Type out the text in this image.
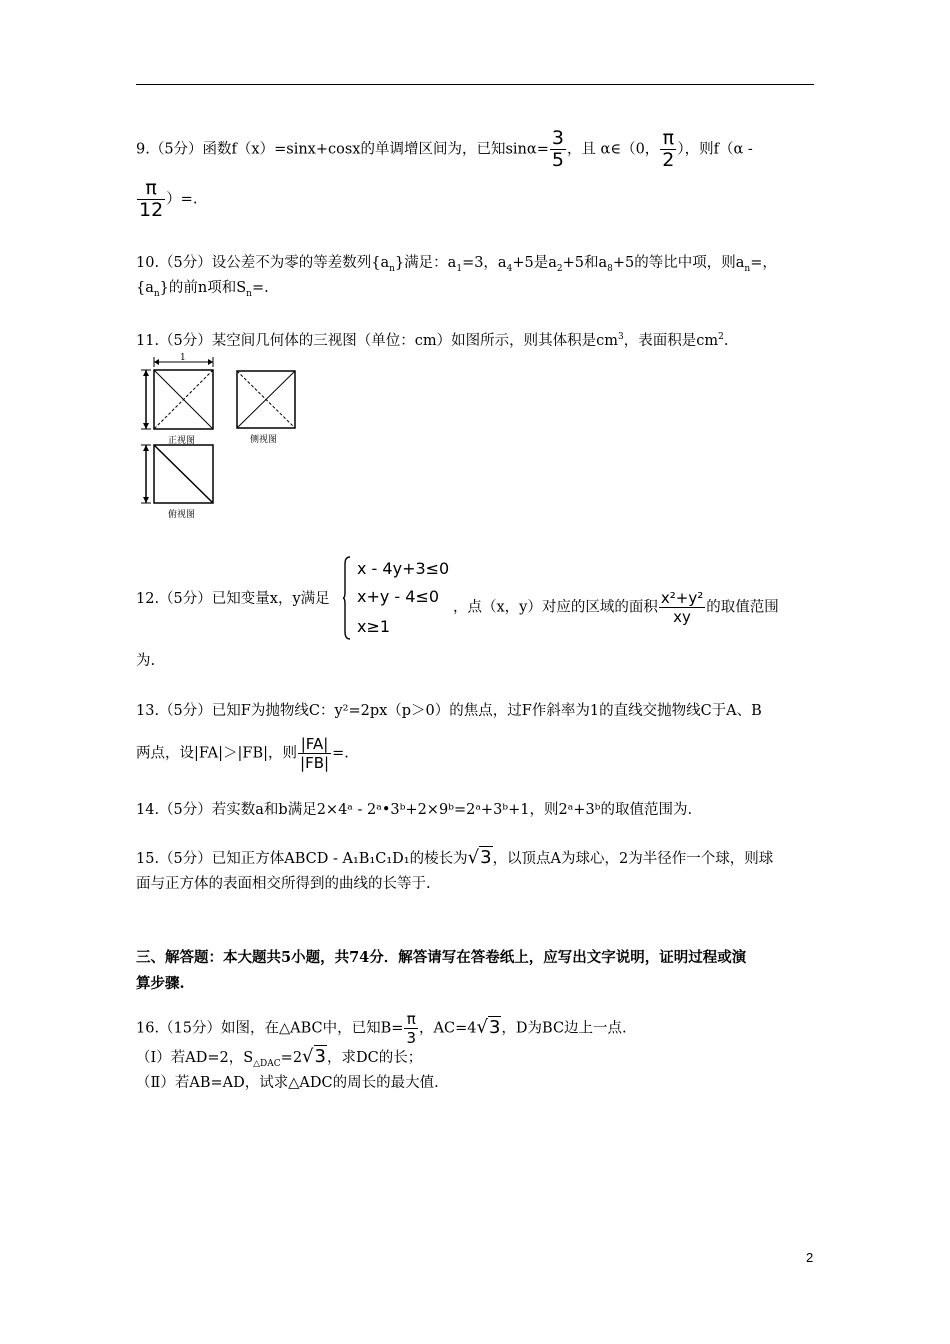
9.（5分）函数f（x）=sinx+cosx的单调增区间为，已知$\sin\alpha= \frac{3}{5}$ ，且 α∈（0， $\frac{\pi}{2}$ ），则f（α -
$\frac{\pi}{12}$ ）=.
10.（5分）设公差不为零的等差数列$\{a_n\}$满足：$a_1=3$，$a_4+5$是$a_2+5$和$a_8+5$的等比中项，则$a_n=$，
$\{a_n\}$的前n项和$S_n=$.
11.（5分）某空间几何体的三视图（单位：cm）如图所示，则其体积是$cm^3$，表面积是$cm^2$.
1
正视图	侧视图
俯视图
12.（5分）已知变量x，y满足
x - 4y+3≤0
x+y - 4≤0
x≥1
，点（x，y）对应的区域的面积 $\frac{\text{x²+y²}}{xy}$ 的取值范围
为.
13.（5分）已知F为抛物线C：y²=2px（p＞0）的焦点，过F作斜率为1的直线交抛物线C于A、B
两点，设|FA|＞|FB|，则 $\frac{|FA|}{|FB|}$ =.
14.（5分）若实数a和b满足2×4ᵃ - 2ᵃ•3ᵇ+2×9ᵇ=2ᵃ+3ᵇ+1，则2ᵃ+3ᵇ的取值范围为.
15.（5分）已知正方体ABCD - A₁B₁C₁D₁的棱长为√3，以顶点A为球心，2为半径作一个球，则球
面与正方体的表面相交所得到的曲线的长等于.
三、解答题：本大题共5小题，共74分．解答请写在答卷纸上，应写出文字说明，证明过程或演
算步骤.
16.（15分）如图，在△ABC中，已知$B= \frac{\pi}{3}$ ，AC=4√3，D为BC边上一点.
（I）若AD=2，$S_{\triangle DAC}=2√3$，求DC的长；
（Ⅱ）若AB=AD，试求△ADC的周长的最大值.
2
